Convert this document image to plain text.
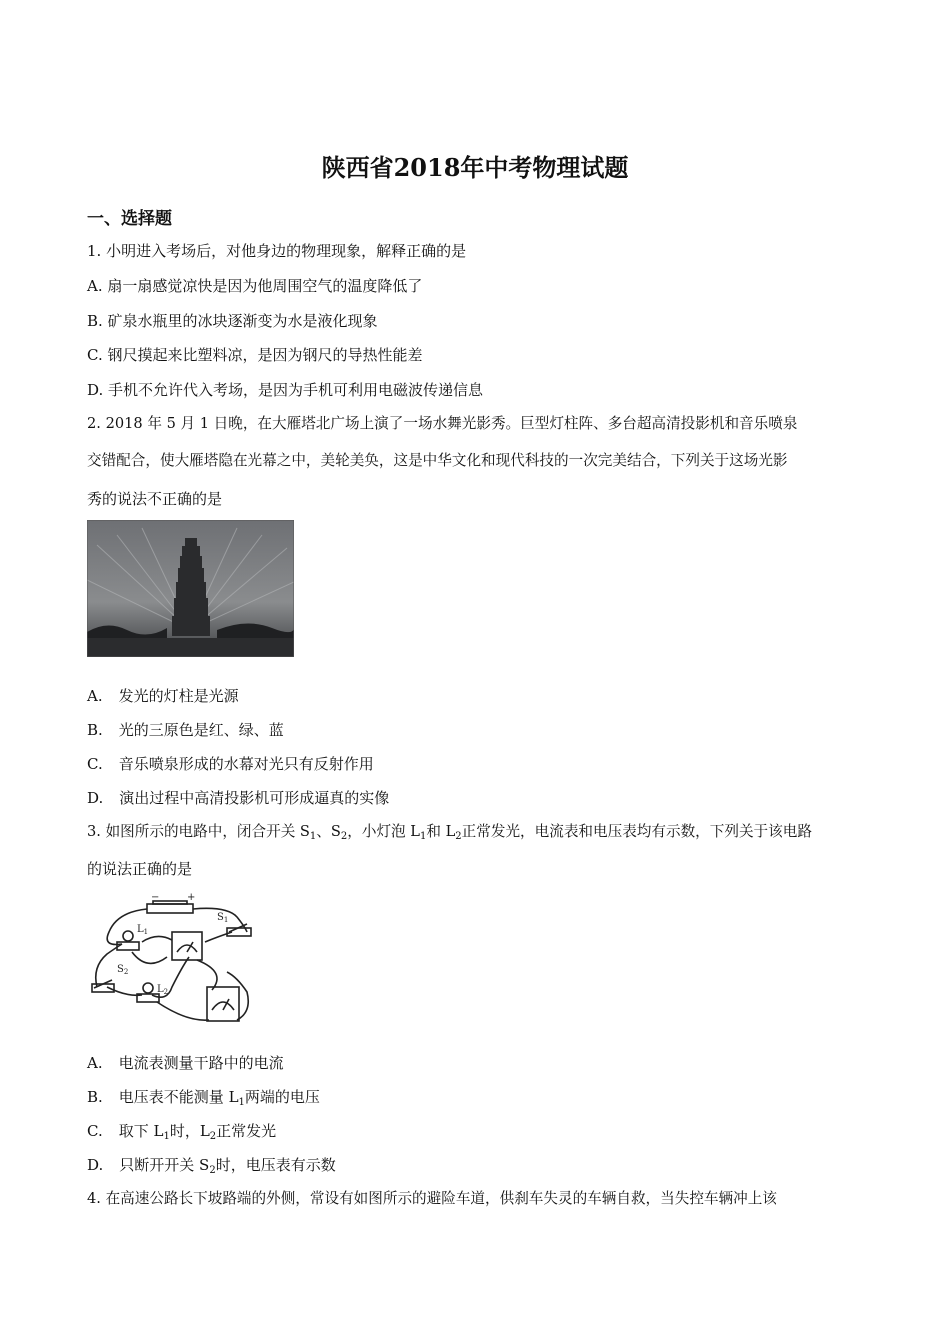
陕西省2018年中考物理试题
一、选择题
1. 小明进入考场后，对他身边的物理现象，解释正确的是
A. 扇一扇感觉凉快是因为他周围空气的温度降低了
B. 矿泉水瓶里的冰块逐渐变为水是液化现象
C. 钢尺摸起来比塑料凉，是因为钢尺的导热性能差
D. 手机不允许代入考场，是因为手机可利用电磁波传递信息
2. 2018 年 5 月 1 日晚，在大雁塔北广场上演了一场水舞光影秀。巨型灯柱阵、多台超高清投影机和音乐喷泉
交错配合，使大雁塔隐在光幕之中，美轮美奂，这是中华文化和现代科技的一次完美结合，下列关于这场光影
秀的说法不正确的是
A. 发光的灯柱是光源
B. 光的三原色是红、绿、蓝
C. 音乐喷泉形成的水幕对光只有反射作用
D. 演出过程中高清投影机可形成逼真的实像
3. 如图所示的电路中，闭合开关 $S_1$、$S_2$，小灯泡 $L_1$和 $L_2$正常发光，电流表和电压表均有示数，下列关于该电路
的说法正确的是
−	+
$S_1$
$S_2$
$L_1$
$L_2$
A. 电流表测量干路中的电流
B. 电压表不能测量 $L_1$两端的电压
C. 取下 $L_1$时，$L_2$正常发光
D. 只断开开关 $S_2$时，电压表有示数
4. 在高速公路长下坡路端的外侧，常设有如图所示的避险车道，供刹车失灵的车辆自救，当失控车辆冲上该
